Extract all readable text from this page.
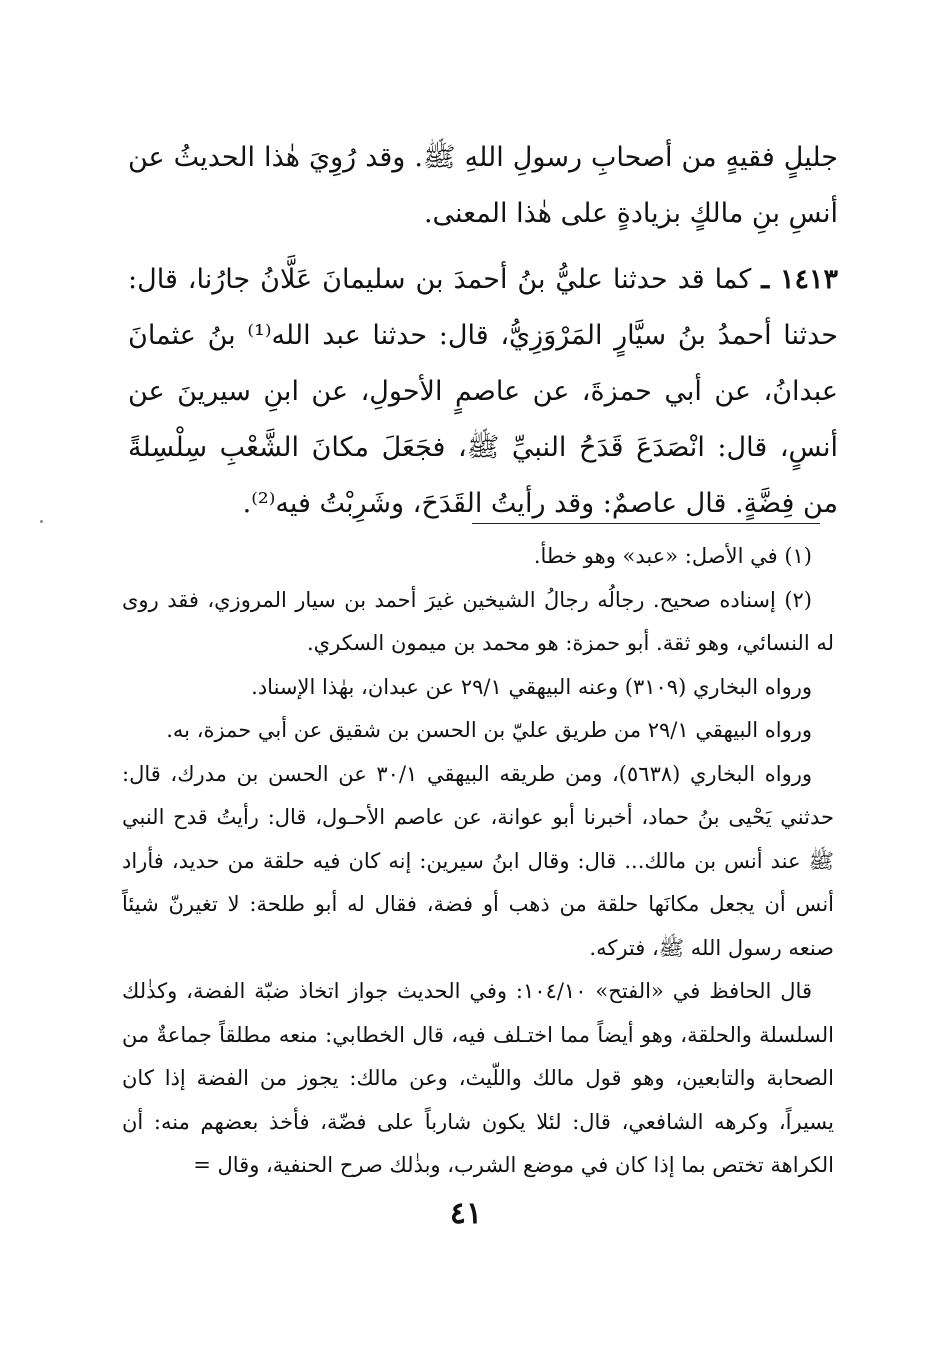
جليلٍ فقيهٍ من أصحابِ رسولِ اللهِ ﷺ. وقد رُوِيَ هٰذا الحديثُ عن أنسِ بنِ مالكٍ بزيادةٍ على هٰذا المعنى.

١٤١٣ ـ كما قد حدثنا عليُّ بنُ أحمدَ بن سليمانَ عَلَّانُ جارُنا، قال: حدثنا أحمدُ بنُ سيَّارٍ المَرْوَزِيُّ، قال: حدثنا عبد الله⁽¹⁾ بنُ عثمانَ عبدانُ، عن أبي حمزةَ، عن عاصمٍ الأحولِ، عن ابنِ سيرينَ عن أنسٍ، قال: انْصَدَعَ قَدَحُ النبيِّ ﷺ، فجَعَلَ مكانَ الشَّعْبِ سِلْسِلةً من فِضَّةٍ. قال عاصمٌ: وقد رأيتُ القَدَحَ، وشَرِبْتُ فيه⁽²⁾.

(١) في الأصل: «عبد» وهو خطأ.

(٢) إسناده صحيح. رجالُه رجالُ الشيخين غيرَ أحمد بن سيار المروزي، فقد روى له النسائي، وهو ثقة. أبو حمزة: هو محمد بن ميمون السكري.

ورواه البخاري (٣١٠٩) وعنه البيهقي ٢٩/١ عن عبدان، بهٰذا الإسناد.

ورواه البيهقي ٢٩/١ من طريق عليّ بن الحسن بن شقيق عن أبي حمزة، به.

ورواه البخاري (٥٦٣٨)، ومن طريقه البيهقي ٣٠/١ عن الحسن بن مدرك، قال: حدثني يَحْيى بنُ حماد، أخبرنا أبو عوانة، عن عاصم الأحـول، قال: رأيتُ قدح النبي ﷺ عند أنس بن مالك... قال: وقال ابنُ سيرين: إنه كان فيه حلقة من حديد، فأراد أنس أن يجعل مكانَها حلقة من ذهب أو فضة، فقال له أبو طلحة: لا تغيرنّ شيئاً صنعه رسول الله ﷺ، فتركه.

قال الحافظ في «الفتح» ١٠٤/١٠: وفي الحديث جواز اتخاذ ضبّة الفضة، وكذٰلك السلسلة والحلقة، وهو أيضاً مما اختـلف فيه، قال الخطابي: منعه مطلقاً جماعةٌ من الصحابة والتابعين، وهو قول مالك واللّيث، وعن مالك: يجوز من الفضة إذا كان يسيراً، وكرهه الشافعي، قال: لئلا يكون شارباً على فضّة، فأخذ بعضهم منه: أن الكراهة تختص بما إذا كان في موضع الشرب، وبذٰلك صرح الحنفية، وقال =

٤١
